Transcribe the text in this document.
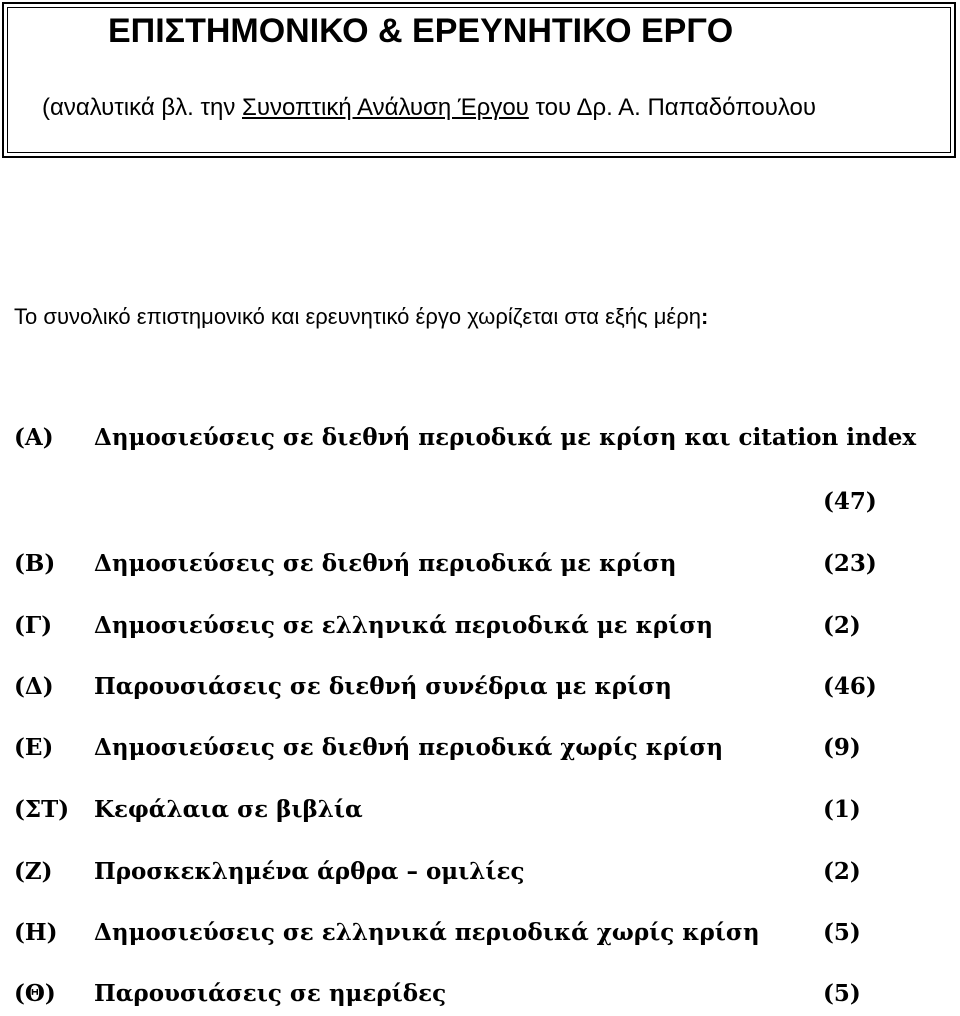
ΕΠΙΣΤΗΜΟΝΙΚΟ & ΕΡΕΥΝΗΤΙΚΟ ΕΡΓΟ
(αναλυτικά βλ. την Συνοπτική Ανάλυση Έργου του Δρ. Α. Παπαδόπουλου
Το συνολικό επιστημονικό και ερευνητικό έργο χωρίζεται στα εξής μέρη:
(Α) Δημοσιεύσεις σε διεθνή περιοδικά με κρίση και citation index
(47)
(Β) Δημοσιεύσεις σε διεθνή περιοδικά με κρίση	(23)
(Γ) Δημοσιεύσεις σε ελληνικά περιοδικά με κρίση	(2)
(Δ) Παρουσιάσεις σε διεθνή συνέδρια με κρίση	(46)
(Ε) Δημοσιεύσεις σε διεθνή περιοδικά χωρίς κρίση	(9)
(ΣΤ) Κεφάλαια σε βιβλία	(1)
(Ζ) Προσκεκλημένα άρθρα – ομιλίες	(2)
(Η) Δημοσιεύσεις σε ελληνικά περιοδικά χωρίς κρίση	(5)
(Θ) Παρουσιάσεις σε ημερίδες	(5)
